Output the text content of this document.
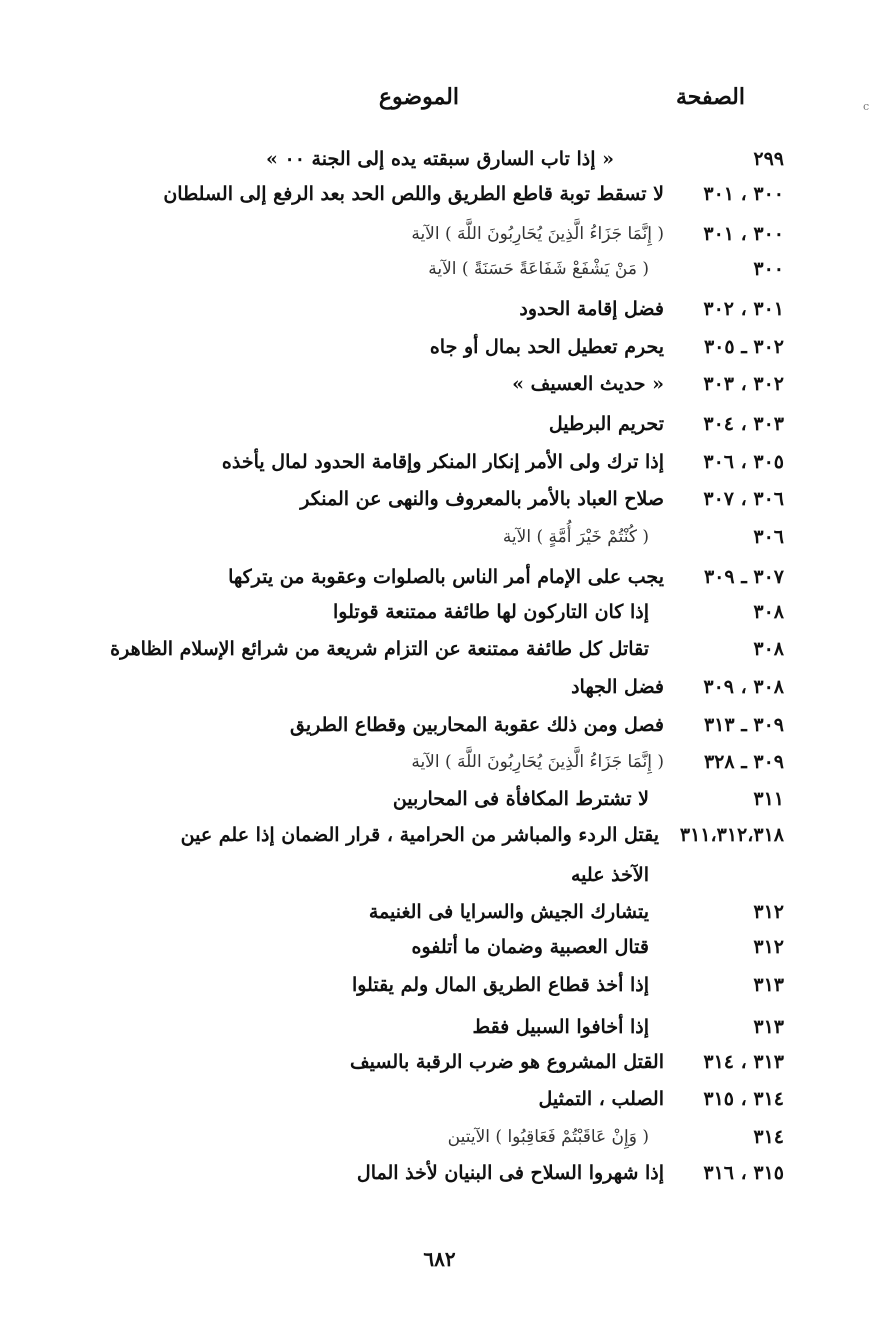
الصفحة
الموضوع
٢٩٩
« إذا تاب السارق سبقته يده إلى الجنة ٠٠ »
٣٠٠ ، ٣٠١
لا تسقط توبة قاطع الطريق واللص الحد بعد الرفع إلى السلطان
٣٠٠ ، ٣٠١
( إِنَّمَا جَزَاءُ الَّذِينَ يُحَارِبُونَ اللَّهَ ) الآية
٣٠٠
( مَنْ يَشْفَعْ شَفَاعَةً حَسَنَةً ) الآية
٣٠١ ، ٣٠٢
فضل إقامة الحدود
٣٠٢ ـ ٣٠٥
يحرم تعطيل الحد بمال أو جاه
٣٠٢ ، ٣٠٣
« حديث العسيف »
٣٠٣ ، ٣٠٤
تحريم البرطيل
٣٠٥ ، ٣٠٦
إذا ترك ولى الأمر إنكار المنكر وإقامة الحدود لمال يأخذه
٣٠٦ ، ٣٠٧
صلاح العباد بالأمر بالمعروف والنهى عن المنكر
٣٠٦
( كُنْتُمْ خَيْرَ أُمَّةٍ ) الآية
٣٠٧ ـ ٣٠٩
يجب على الإمام أمر الناس بالصلوات وعقوبة من يتركها
٣٠٨
إذا كان التاركون لها طائفة ممتنعة قوتلوا
٣٠٨
تقاتل كل طائفة ممتنعة عن التزام شريعة من شرائع الإسلام الظاهرة
٣٠٨ ، ٣٠٩
فضل الجهاد
٣٠٩ ـ ٣١٣
فصل ومن ذلك عقوبة المحاربين وقطاع الطريق
٣٠٩ ـ ٣٢٨
( إِنَّمَا جَزَاءُ الَّذِينَ يُحَارِبُونَ اللَّهَ ) الآية
٣١١
لا تشترط المكافأة فى المحاربين
٣١١،٣١٢،٣١٨
يقتل الردء والمباشر من الحرامية ، قرار الضمان إذا علم عين
الآخذ عليه
٣١٢
يتشارك الجيش والسرايا فى الغنيمة
٣١٢
قتال العصبية وضمان ما أتلفوه
٣١٣
إذا أخذ قطاع الطريق المال ولم يقتلوا
٣١٣
إذا أخافوا السبيل فقط
٣١٣ ، ٣١٤
القتل المشروع هو ضرب الرقبة بالسيف
٣١٤ ، ٣١٥
الصلب ، التمثيل
٣١٤
( وَإِنْ عَاقَبْتُمْ فَعَاقِبُوا ) الآيتين
٣١٥ ، ٣١٦
إذا شهروا السلاح فى البنيان لأخذ المال
٦٨٢
c
